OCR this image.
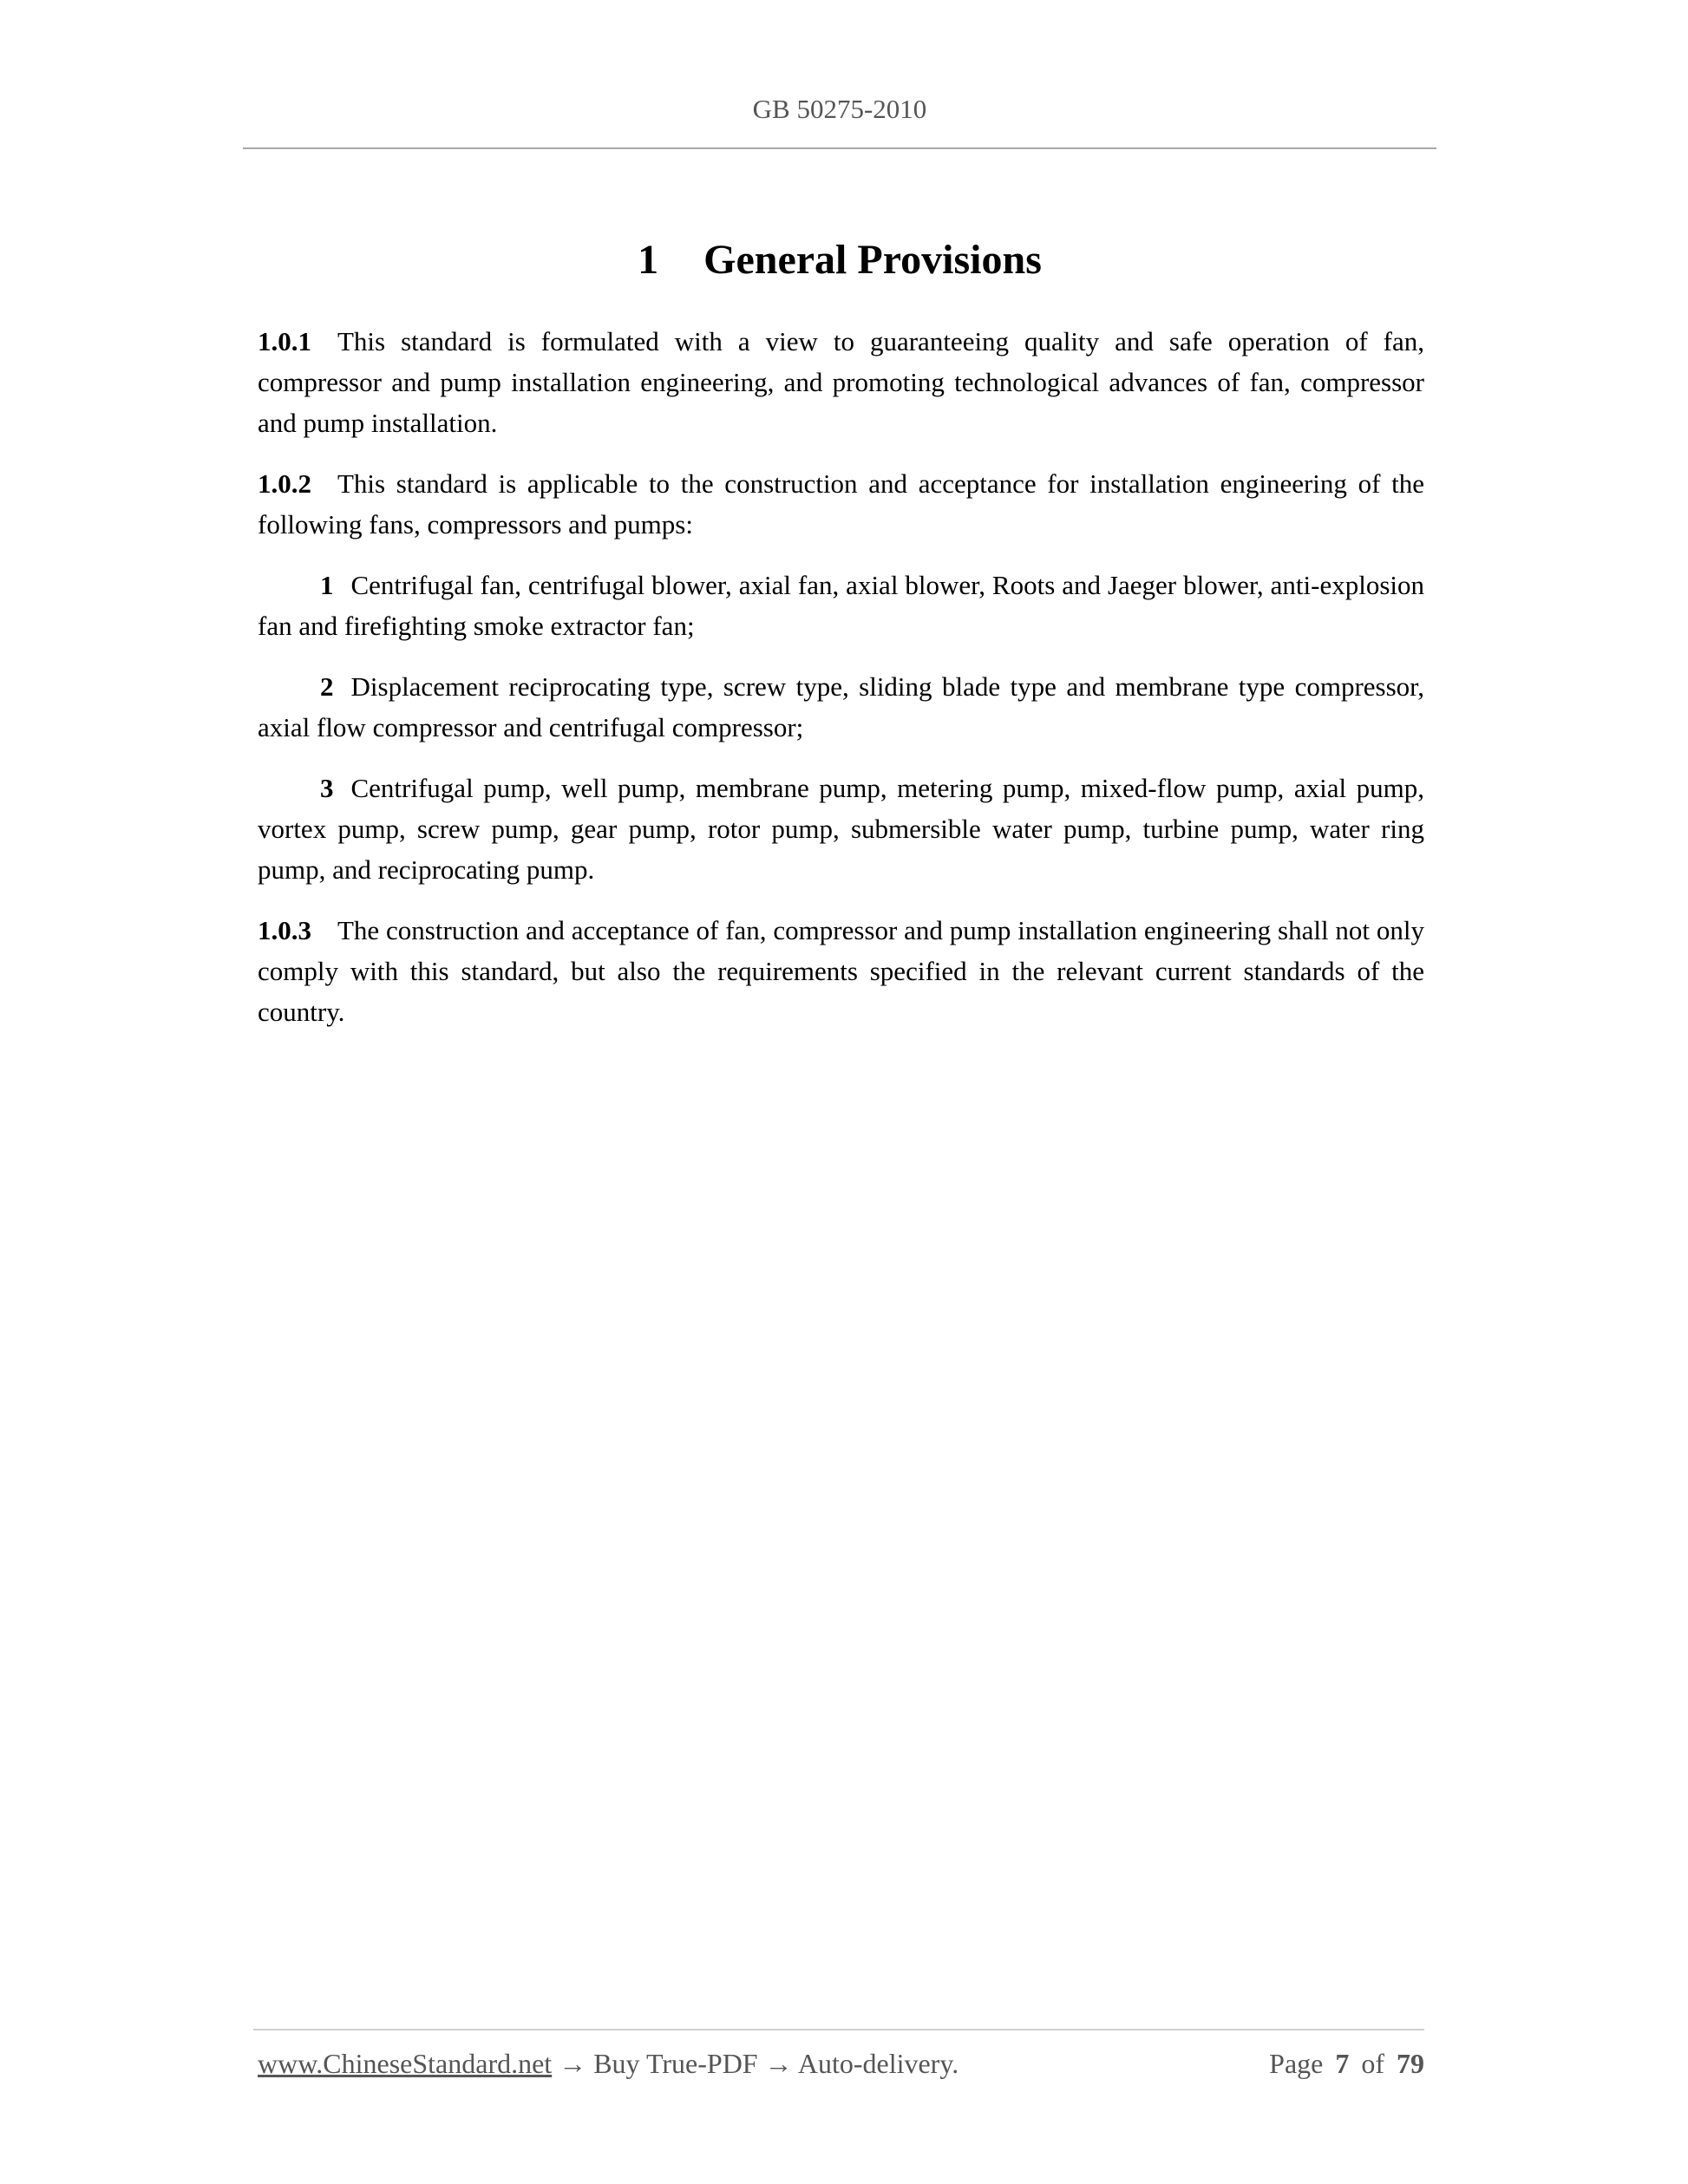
GB 50275-2010
1 General Provisions

1.0.1 This standard is formulated with a view to guaranteeing quality and safe operation of fan, compressor and pump installation engineering, and promoting technological advances of fan, compressor and pump installation.

1.0.2 This standard is applicable to the construction and acceptance for installation engineering of the following fans, compressors and pumps:

1 Centrifugal fan, centrifugal blower, axial fan, axial blower, Roots and Jaeger blower, anti-explosion fan and firefighting smoke extractor fan;

2 Displacement reciprocating type, screw type, sliding blade type and membrane type compressor, axial flow compressor and centrifugal compressor;

3 Centrifugal pump, well pump, membrane pump, metering pump, mixed-flow pump, axial pump, vortex pump, screw pump, gear pump, rotor pump, submersible water pump, turbine pump, water ring pump, and reciprocating pump.

1.0.3 The construction and acceptance of fan, compressor and pump installation engineering shall not only comply with this standard, but also the requirements specified in the relevant current standards of the country.

www.ChineseStandard.net → Buy True-PDF → Auto-delivery.	Page 7 of 79
